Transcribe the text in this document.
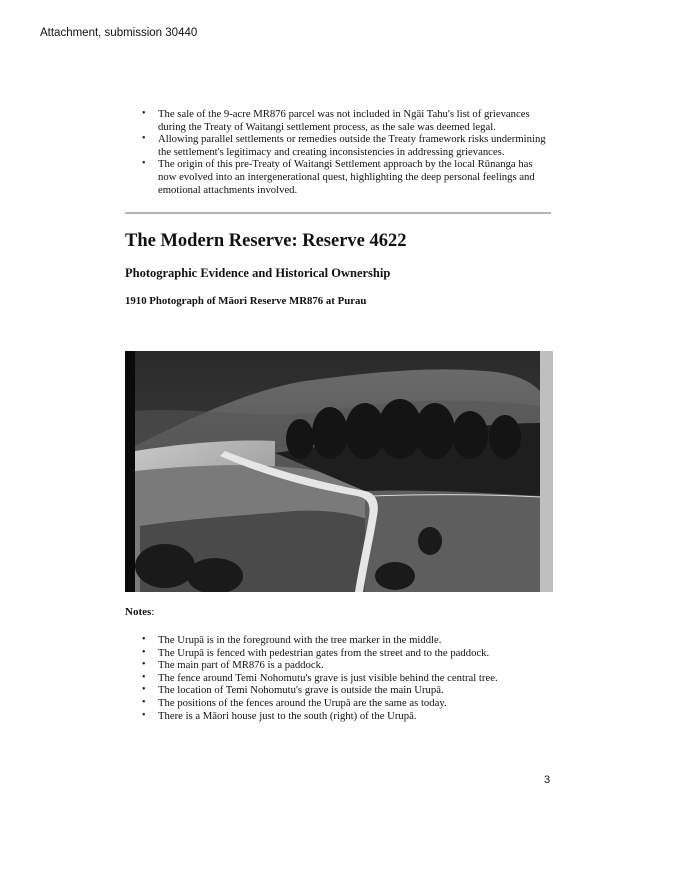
Attachment, submission 30440
• The sale of the 9-acre MR876 parcel was not included in Ngāi Tahu's list of grievances during the Treaty of Waitangi settlement process, as the sale was deemed legal.
• Allowing parallel settlements or remedies outside the Treaty framework risks undermining the settlement's legitimacy and creating inconsistencies in addressing grievances.
• The origin of this pre-Treaty of Waitangi Settlement approach by the local Rūnanga has now evolved into an intergenerational quest, highlighting the deep personal feelings and emotional attachments involved.
The Modern Reserve: Reserve 4622
Photographic Evidence and Historical Ownership
1910 Photograph of Māori Reserve MR876 at Purau

Notes:

• The Urupā is in the foreground with the tree marker in the middle.
• The Urupā is fenced with pedestrian gates from the street and to the paddock.
• The main part of MR876 is a paddock.
• The fence around Temi Nohomutu's grave is just visible behind the central tree.
• The location of Temi Nohomutu's grave is outside the main Urupā.
• The positions of the fences around the Urupā are the same as today.
• There is a Māori house just to the south (right) of the Urupā.
3
